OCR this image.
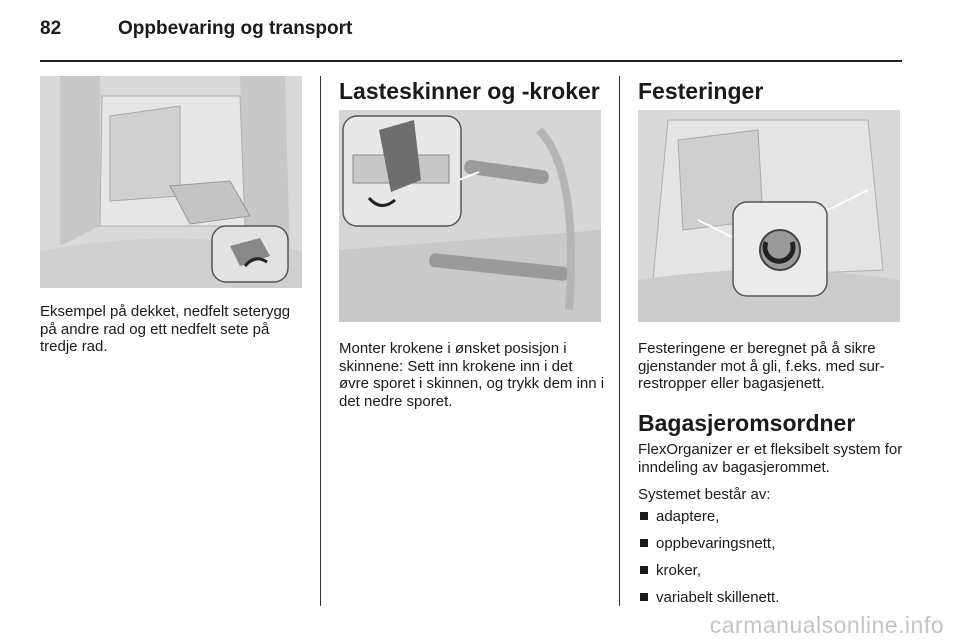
82	Oppbevaring og transport

Eksempel på dekket, nedfelt seterygg på andre rad og ett nedfelt sete på tredje rad.

Lasteskinner og -kroker

Monter krokene i ønsket posisjon i skinnene: Sett inn krokene inn i det øvre sporet i skinnen, og trykk dem inn i det nedre sporet.

Festeringer

Festeringene er beregnet på å sikre gjenstander mot å gli, f.eks. med sur-restropper eller bagasjenett.

Bagasjeromsordner

FlexOrganizer er et fleksibelt system for inndeling av bagasjerommet.

Systemet består av:

adaptere,
oppbevaringsnett,
kroker,
variabelt skillenett.
carmanualsonline.info
